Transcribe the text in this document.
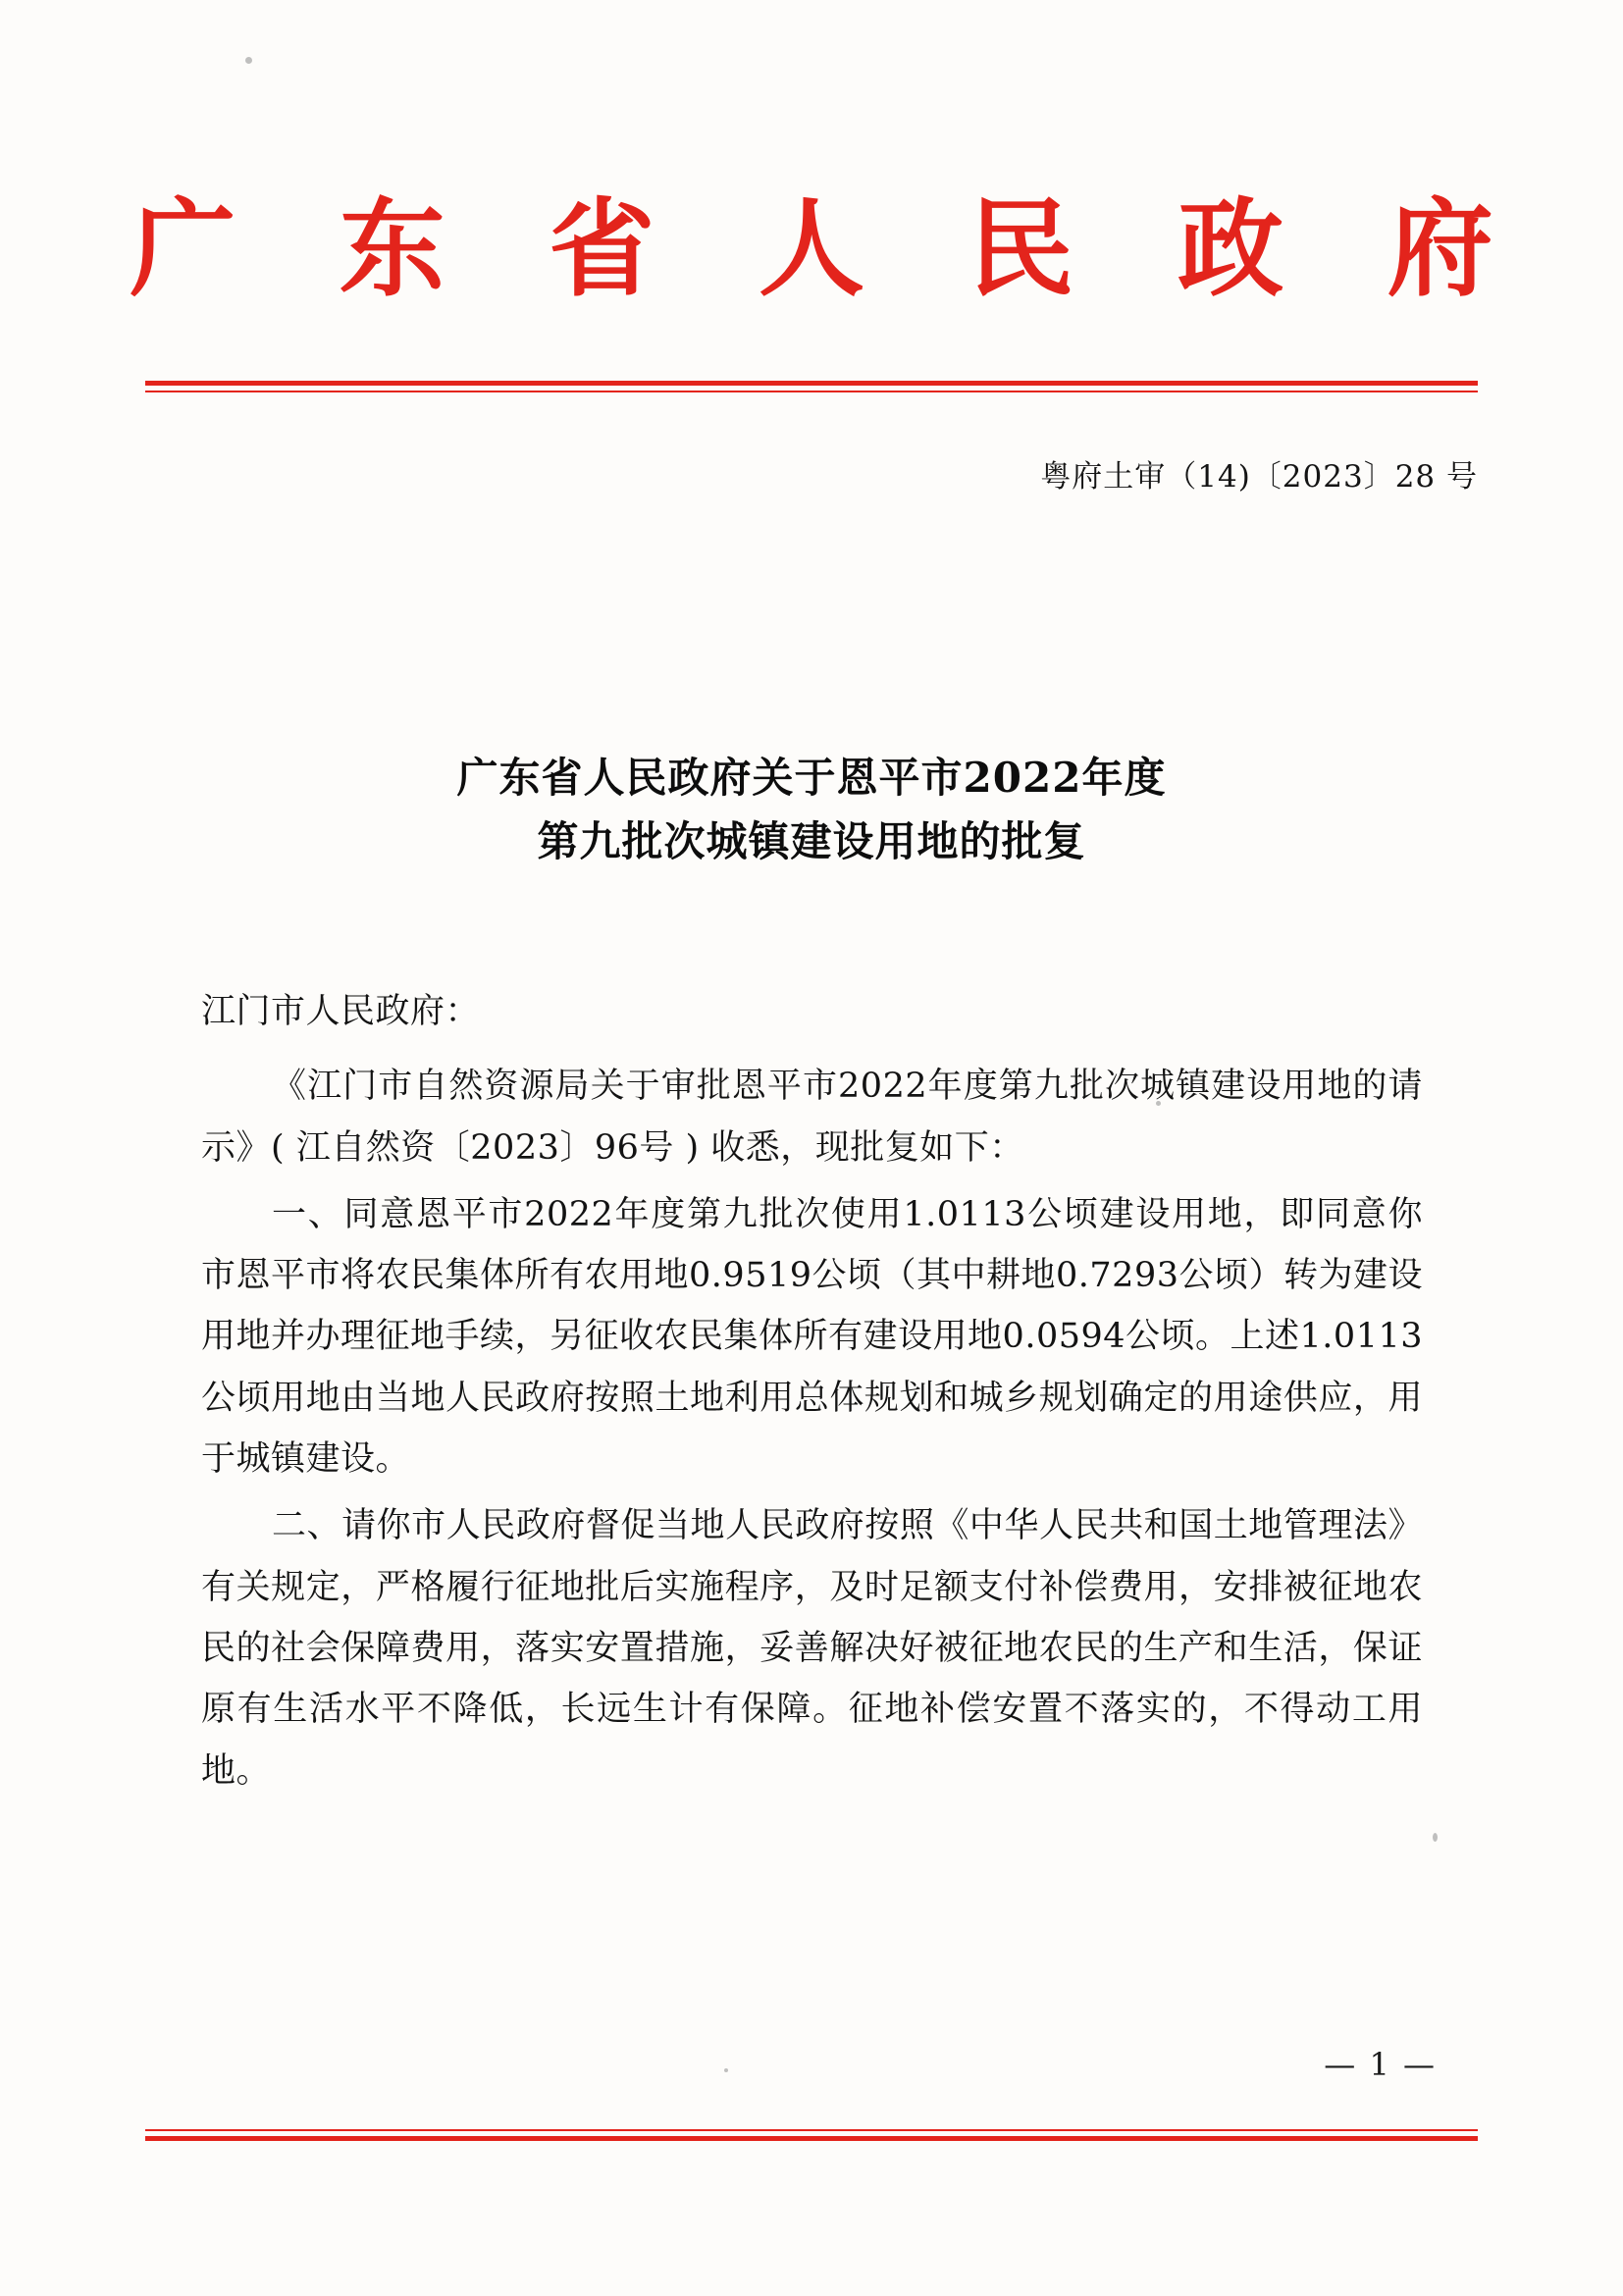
广 东 省 人 民 政 府
粤府土审（14)〔2023〕28 号
广东省人民政府关于恩平市2022年度
第九批次城镇建设用地的批复

江门市人民政府：

《江门市自然资源局关于审批恩平市2022年度第九批次城镇建设用地的请示》( 江自然资〔2023〕96号 ) 收悉，现批复如下：

一、同意恩平市2022年度第九批次使用1.0113公顷建设用地，即同意你市恩平市将农民集体所有农用地0.9519公顷（其中耕地0.7293公顷）转为建设用地并办理征地手续，另征收农民集体所有建设用地0.0594公顷。上述1.0113公顷用地由当地人民政府按照土地利用总体规划和城乡规划确定的用途供应，用于城镇建设。

二、请你市人民政府督促当地人民政府按照《中华人民共和国土地管理法》有关规定，严格履行征地批后实施程序，及时足额支付补偿费用，安排被征地农民的社会保障费用，落实安置措施，妥善解决好被征地农民的生产和生活，保证原有生活水平不降低，长远生计有保障。征地补偿安置不落实的，不得动工用地。

— 1 —
